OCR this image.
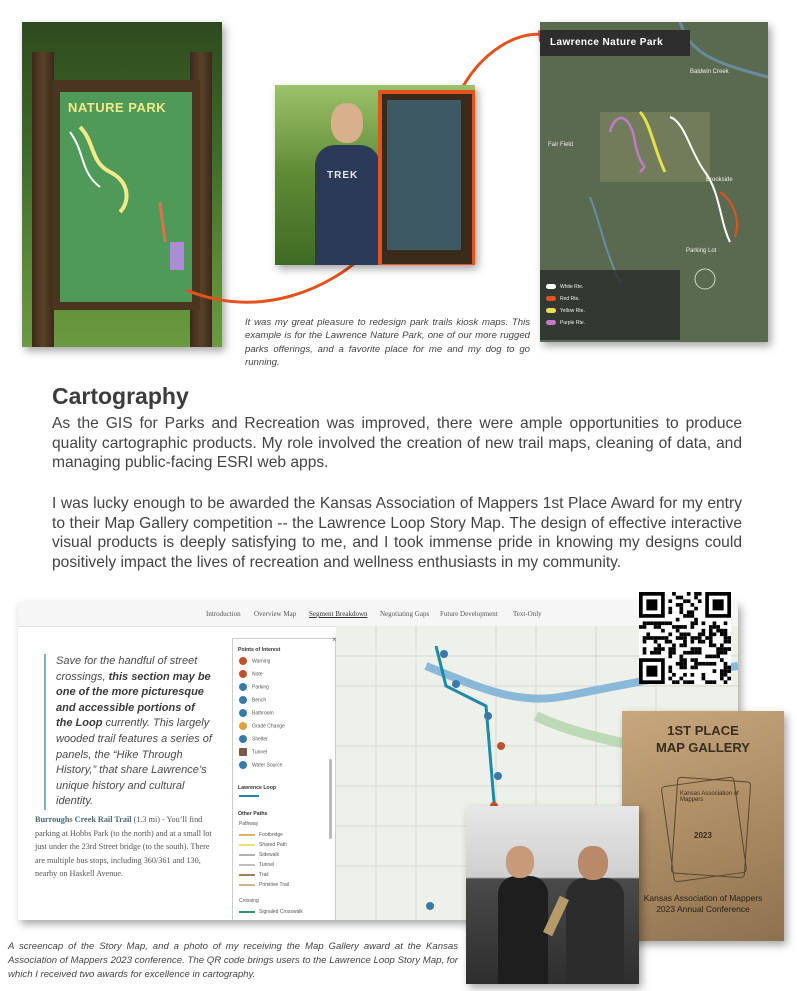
NATURE PARK
TREK
Lawrence Nature Park
Baldwin Creek
Fair Field
Brookside
Parking Lot
White Rte.
Red Rte.
Yellow Rte.
Purple Rte.
It was my great pleasure to redesign park trails kiosk maps. This example is for the Lawrence Nature Park, one of our more rugged parks offerings, and a favorite place for me and my dog to go running.
Cartography
As the GIS for Parks and Recreation was improved, there were ample opportunities to produce quality cartographic products. My role involved the creation of new trail maps, cleaning of data, and managing public-facing ESRI web apps.
I was lucky enough to be awarded the Kansas Association of Mappers 1st Place Award for my entry to their Map Gallery competition -- the Lawrence Loop Story Map. The design of effective interactive visual products is deeply satisfying to me, and I took immense pride in knowing my designs could positively impact the lives of recreation and wellness enthusiasts in my community.
Introduction Overview Map Segment Breakdown Negotiating Gaps Future Development Text-Only
Save for the handful of street crossings, this section may be one of the more picturesque and accessible portions of the Loop currently. This largely wooded trail features a series of panels, the “Hike Through History,” that share Lawrence’s unique history and cultural identity.
Burroughs Creek Rail Trail (1.3 mi) - You’ll find parking at Hobbs Park (to the north) and at a small lot just under the 23rd Street bridge (to the south). There are multiple bus stops, including 360/361 and 130, nearby on Haskell Avenue.
Points of Interest
Warning
Note
Parking
Bench
Bathroom
Grade Change
Shelter
Tunnel
Water Source
Lawrence Loop
Other Paths
Pathway
Footbridge
Shared Path
Sidewalk
Tunnel
Trail
Primitive Trail
Crossing
Signaled Crosswalk
×
1ST PLACE
MAP GALLERY
Kansas Association of Mappers
2023
Kansas Association of Mappers
2023 Annual Conference
A screencap of the Story Map, and a photo of my receiving the Map Gallery award at the Kansas Association of Mappers 2023 conference. The QR code brings users to the Lawrence Loop Story Map, for which I received two awards for excellence in cartography.
